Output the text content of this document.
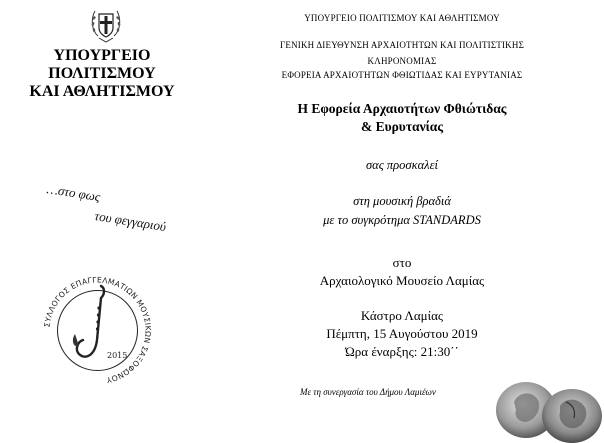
ΥΠΟΥΡΓΕΙΟ
ΠΟΛΙΤΙΣΜΟΥ
ΚΑΙ ΑΘΛΗΤΙΣΜΟΥ
…στο φως
του φεγγαριού
ΣΥΛΛΟΓΟΣ ΕΠΑΓΓΕΛΜΑΤΙΩΝ ΜΟΥΣΙΚΩΝ ΣΑΞΟΦΩΝΟΥ
2015
ΥΠΟΥΡΓΕΙΟ ΠΟΛΙΤΙΣΜΟΥ ΚΑΙ ΑΘΛΗΤΙΣΜΟΥ
ΓΕΝΙΚΗ ΔΙΕΥΘΥΝΣΗ ΑΡΧΑΙΟΤΗΤΩΝ ΚΑΙ ΠΟΛΙΤΙΣΤΙΚΗΣ
ΚΛΗΡΟΝΟΜΙΑΣ
ΕΦΟΡΕΙΑ ΑΡΧΑΙΟΤΗΤΩΝ ΦΘΙΩΤΙΔΑΣ ΚΑΙ ΕΥΡΥΤΑΝΙΑΣ
Η Εφορεία Αρχαιοτήτων Φθιώτιδας
& Ευρυτανίας
σας προσκαλεί
στη μουσική βραδιά
με το συγκρότημα STANDARDS
στο
Αρχαιολογικό Μουσείο Λαμίας
Κάστρο Λαμίας
Πέμπτη, 15 Αυγούστου 2019
Ώρα έναρξης: 21:30΄΄
Με τη συνεργασία του Δήμου Λαμιέων
